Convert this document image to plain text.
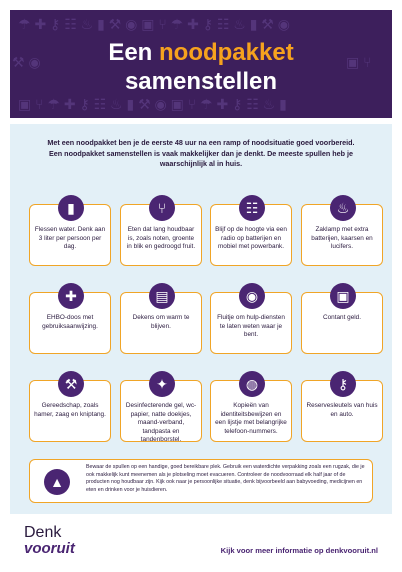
☂ ✚ ⚷ ☷ ♨ ▮ ⚒ ◉ ▣ ⑂ ☂ ✚ ⚷ ☷ ♨ ▮ ⚒ ◉
⚒ ◉	▣ ⑂
▣ ⑂ ☂ ✚ ⚷ ☷ ♨ ▮ ⚒ ◉ ▣ ⑂ ☂ ✚ ⚷ ☷ ♨ ▮
Een noodpakket
samenstellen
Met een noodpakket ben je de eerste 48 uur na een ramp of noodsituatie goed voorbereid. Een noodpakket samenstellen is vaak makkelijker dan je denkt. De meeste spullen heb je waarschijnlijk al in huis.
▮
Flessen water. Denk aan 3 liter per persoon per dag.
⑂
Eten dat lang houdbaar is, zoals noten, groente in blik en gedroogd fruit.
☷
Blijf op de hoogte via een radio op batterijen en mobiel met powerbank.
♨
Zaklamp met extra batterijen, kaarsen en lucifers.
✚
EHBO-doos met gebruiksaanwijzing.
▤
Dekens om warm te blijven.
◉
Fluitje om hulp-diensten te laten weten waar je bent.
▣
Contant geld.
⚒
Gereedschap, zoals hamer, zaag en kniptang.
✦
Desinfecterende gel, wc-papier, natte doekjes, maand-verband, tandpasta en tandenborstel.
◍
Kopieën van identiteitsbewijzen en een lijstje met belangrijke telefoon-nummers.
⚷
Reservesleutels van huis en auto.
▲
Bewaar de spullen op een handige, goed bereikbare plek. Gebruik een waterdichte verpakking zoals een rugzak, die je ook makkelijk kunt meenemen als je plotseling moet evacueren. Controleer de noodvoorraad elk half jaar of de producten nog houdbaar zijn. Kijk ook naar je persoonlijke situatie, denk bijvoorbeeld aan babyvoeding, medicijnen en eten en drinken voor je huisdieren.
Denk
vooruit	Kijk voor meer informatie op denkvooruit.nl
